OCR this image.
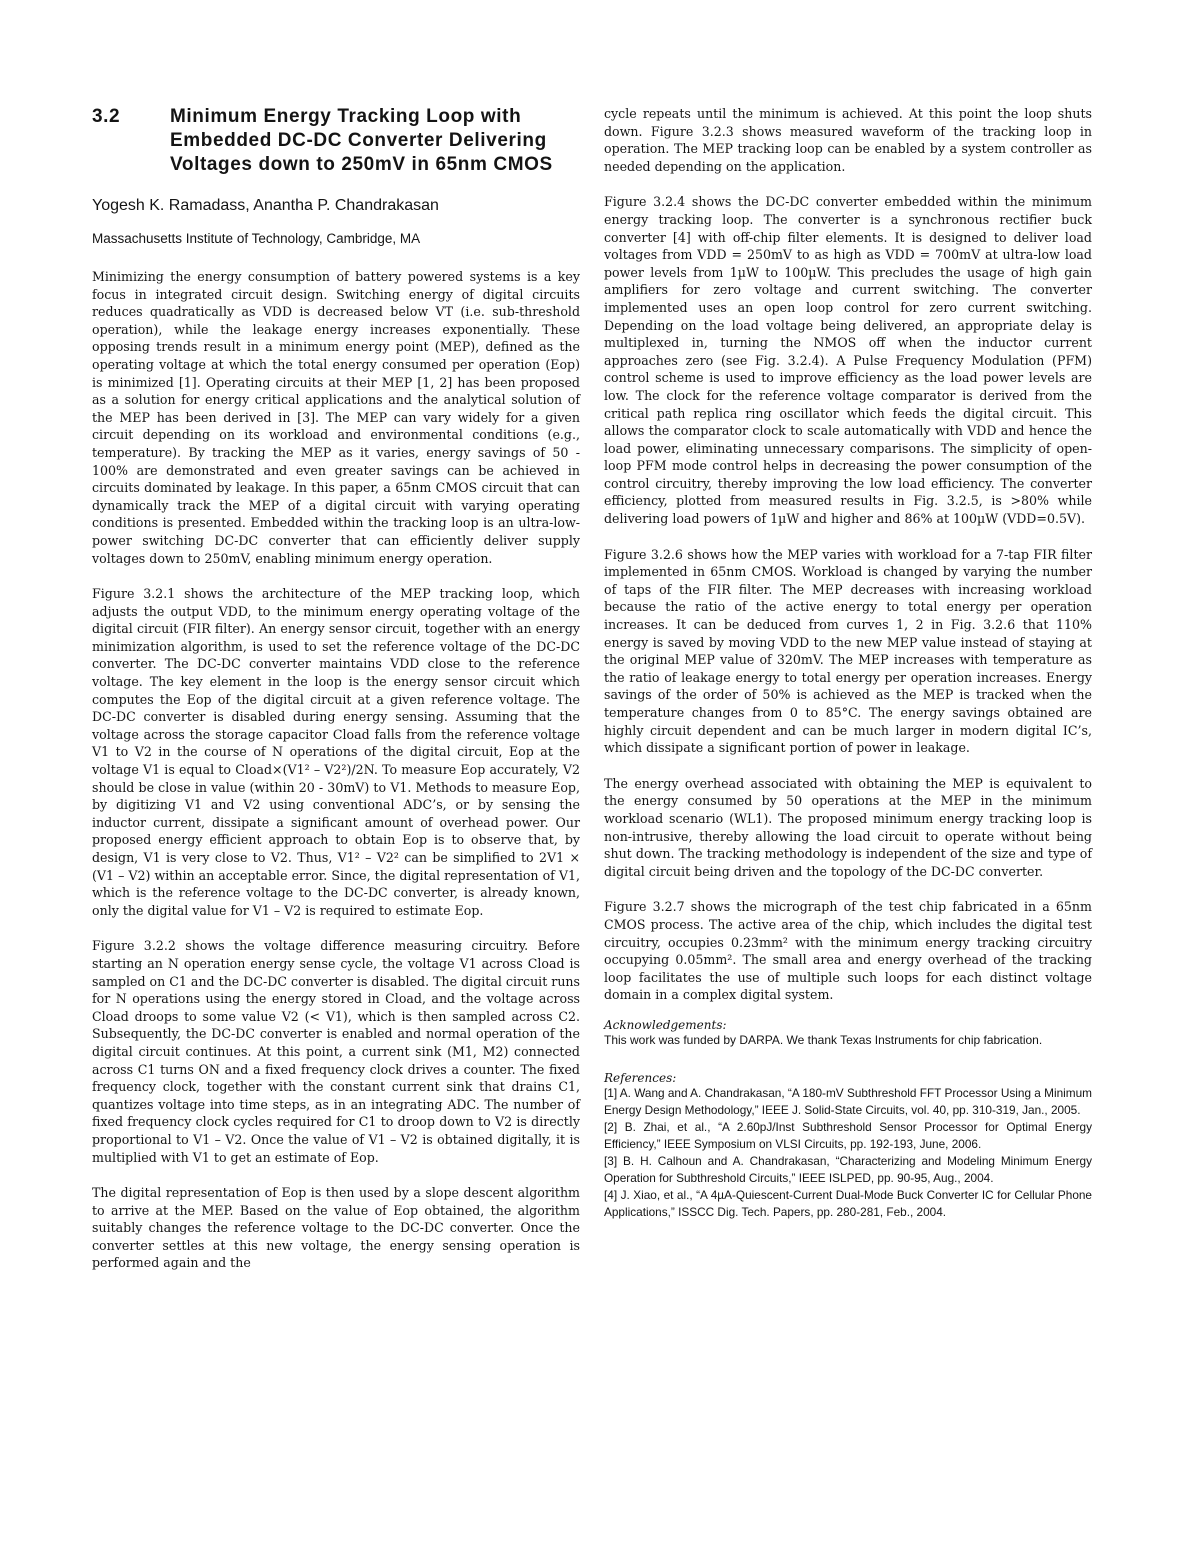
3.2	Minimum Energy Tracking Loop with Embedded DC-DC Converter Delivering Voltages down to 250mV in 65nm CMOS
Yogesh K. Ramadass, Anantha P. Chandrakasan
Massachusetts Institute of Technology, Cambridge, MA

Minimizing the energy consumption of battery powered systems is a key focus in integrated circuit design. Switching energy of digital circuits reduces quadratically as VDD is decreased below VT (i.e. sub-threshold operation), while the leakage energy increases exponentially. These opposing trends result in a minimum energy point (MEP), defined as the operating voltage at which the total energy consumed per operation (Eop) is minimized [1]. Operating circuits at their MEP [1, 2] has been proposed as a solution for energy critical applications and the analytical solution of the MEP has been derived in [3]. The MEP can vary widely for a given circuit depending on its workload and environmental conditions (e.g., temperature). By tracking the MEP as it varies, energy savings of 50 - 100% are demonstrated and even greater savings can be achieved in circuits dominated by leakage. In this paper, a 65nm CMOS circuit that can dynamically track the MEP of a digital circuit with varying operating conditions is presented. Embedded within the tracking loop is an ultra-low-power switching DC-DC converter that can efficiently deliver supply voltages down to 250mV, enabling minimum energy operation.

Figure 3.2.1 shows the architecture of the MEP tracking loop, which adjusts the output VDD, to the minimum energy operating voltage of the digital circuit (FIR filter). An energy sensor circuit, together with an energy minimization algorithm, is used to set the reference voltage of the DC-DC converter. The DC-DC converter maintains VDD close to the reference voltage. The key element in the loop is the energy sensor circuit which computes the Eop of the digital circuit at a given reference voltage. The DC-DC converter is disabled during energy sensing. Assuming that the voltage across the storage capacitor Cload falls from the reference voltage V1 to V2 in the course of N operations of the digital circuit, Eop at the voltage V1 is equal to Cload×(V1² – V2²)/2N. To measure Eop accurately, V2 should be close in value (within 20 - 30mV) to V1. Methods to measure Eop, by digitizing V1 and V2 using conventional ADC’s, or by sensing the inductor current, dissipate a significant amount of overhead power. Our proposed energy efficient approach to obtain Eop is to observe that, by design, V1 is very close to V2. Thus, V1² – V2² can be simplified to 2V1 × (V1 – V2) within an acceptable error. Since, the digital representation of V1, which is the reference voltage to the DC-DC converter, is already known, only the digital value for V1 – V2 is required to estimate Eop.

Figure 3.2.2 shows the voltage difference measuring circuitry. Before starting an N operation energy sense cycle, the voltage V1 across Cload is sampled on C1 and the DC-DC converter is disabled. The digital circuit runs for N operations using the energy stored in Cload, and the voltage across Cload droops to some value V2 (< V1), which is then sampled across C2. Subsequently, the DC-DC converter is enabled and normal operation of the digital circuit continues. At this point, a current sink (M1, M2) connected across C1 turns ON and a fixed frequency clock drives a counter. The fixed frequency clock, together with the constant current sink that drains C1, quantizes voltage into time steps, as in an integrating ADC. The number of fixed frequency clock cycles required for C1 to droop down to V2 is directly proportional to V1 – V2. Once the value of V1 – V2 is obtained digitally, it is multiplied with V1 to get an estimate of Eop.

The digital representation of Eop is then used by a slope descent algorithm to arrive at the MEP. Based on the value of Eop obtained, the algorithm suitably changes the reference voltage to the DC-DC converter. Once the converter settles at this new voltage, the energy sensing operation is performed again and the

cycle repeats until the minimum is achieved. At this point the loop shuts down. Figure 3.2.3 shows measured waveform of the tracking loop in operation. The MEP tracking loop can be enabled by a system controller as needed depending on the application.

Figure 3.2.4 shows the DC-DC converter embedded within the minimum energy tracking loop. The converter is a synchronous rectifier buck converter [4] with off-chip filter elements. It is designed to deliver load voltages from VDD = 250mV to as high as VDD = 700mV at ultra-low load power levels from 1µW to 100µW. This precludes the usage of high gain amplifiers for zero voltage and current switching. The converter implemented uses an open loop control for zero current switching. Depending on the load voltage being delivered, an appropriate delay is multiplexed in, turning the NMOS off when the inductor current approaches zero (see Fig. 3.2.4). A Pulse Frequency Modulation (PFM) control scheme is used to improve efficiency as the load power levels are low. The clock for the reference voltage comparator is derived from the critical path replica ring oscillator which feeds the digital circuit. This allows the comparator clock to scale automatically with VDD and hence the load power, eliminating unnecessary comparisons. The simplicity of open-loop PFM mode control helps in decreasing the power consumption of the control circuitry, thereby improving the low load efficiency. The converter efficiency, plotted from measured results in Fig. 3.2.5, is >80% while delivering load powers of 1µW and higher and 86% at 100µW (VDD=0.5V).

Figure 3.2.6 shows how the MEP varies with workload for a 7-tap FIR filter implemented in 65nm CMOS. Workload is changed by varying the number of taps of the FIR filter. The MEP decreases with increasing workload because the ratio of the active energy to total energy per operation increases. It can be deduced from curves 1, 2 in Fig. 3.2.6 that 110% energy is saved by moving VDD to the new MEP value instead of staying at the original MEP value of 320mV. The MEP increases with temperature as the ratio of leakage energy to total energy per operation increases. Energy savings of the order of 50% is achieved as the MEP is tracked when the temperature changes from 0 to 85°C. The energy savings obtained are highly circuit dependent and can be much larger in modern digital IC’s, which dissipate a significant portion of power in leakage.

The energy overhead associated with obtaining the MEP is equivalent to the energy consumed by 50 operations at the MEP in the minimum workload scenario (WL1). The proposed minimum energy tracking loop is non-intrusive, thereby allowing the load circuit to operate without being shut down. The tracking methodology is independent of the size and type of digital circuit being driven and the topology of the DC-DC converter.

Figure 3.2.7 shows the micrograph of the test chip fabricated in a 65nm CMOS process. The active area of the chip, which includes the digital test circuitry, occupies 0.23mm² with the minimum energy tracking circuitry occupying 0.05mm². The small area and energy overhead of the tracking loop facilitates the use of multiple such loops for each distinct voltage domain in a complex digital system.

Acknowledgements:
This work was funded by DARPA. We thank Texas Instruments for chip fabrication.
References:
[1] A. Wang and A. Chandrakasan, “A 180-mV Subthreshold FFT Processor Using a Minimum Energy Design Methodology,” IEEE J. Solid-State Circuits, vol. 40, pp. 310-319, Jan., 2005.
[2] B. Zhai, et al., “A 2.60pJ/Inst Subthreshold Sensor Processor for Optimal Energy Efficiency,” IEEE Symposium on VLSI Circuits, pp. 192-193, June, 2006.
[3] B. H. Calhoun and A. Chandrakasan, “Characterizing and Modeling Minimum Energy Operation for Subthreshold Circuits,” IEEE ISLPED, pp. 90-95, Aug., 2004.
[4] J. Xiao, et al., “A 4µA-Quiescent-Current Dual-Mode Buck Converter IC for Cellular Phone Applications,” ISSCC Dig. Tech. Papers, pp. 280-281, Feb., 2004.
